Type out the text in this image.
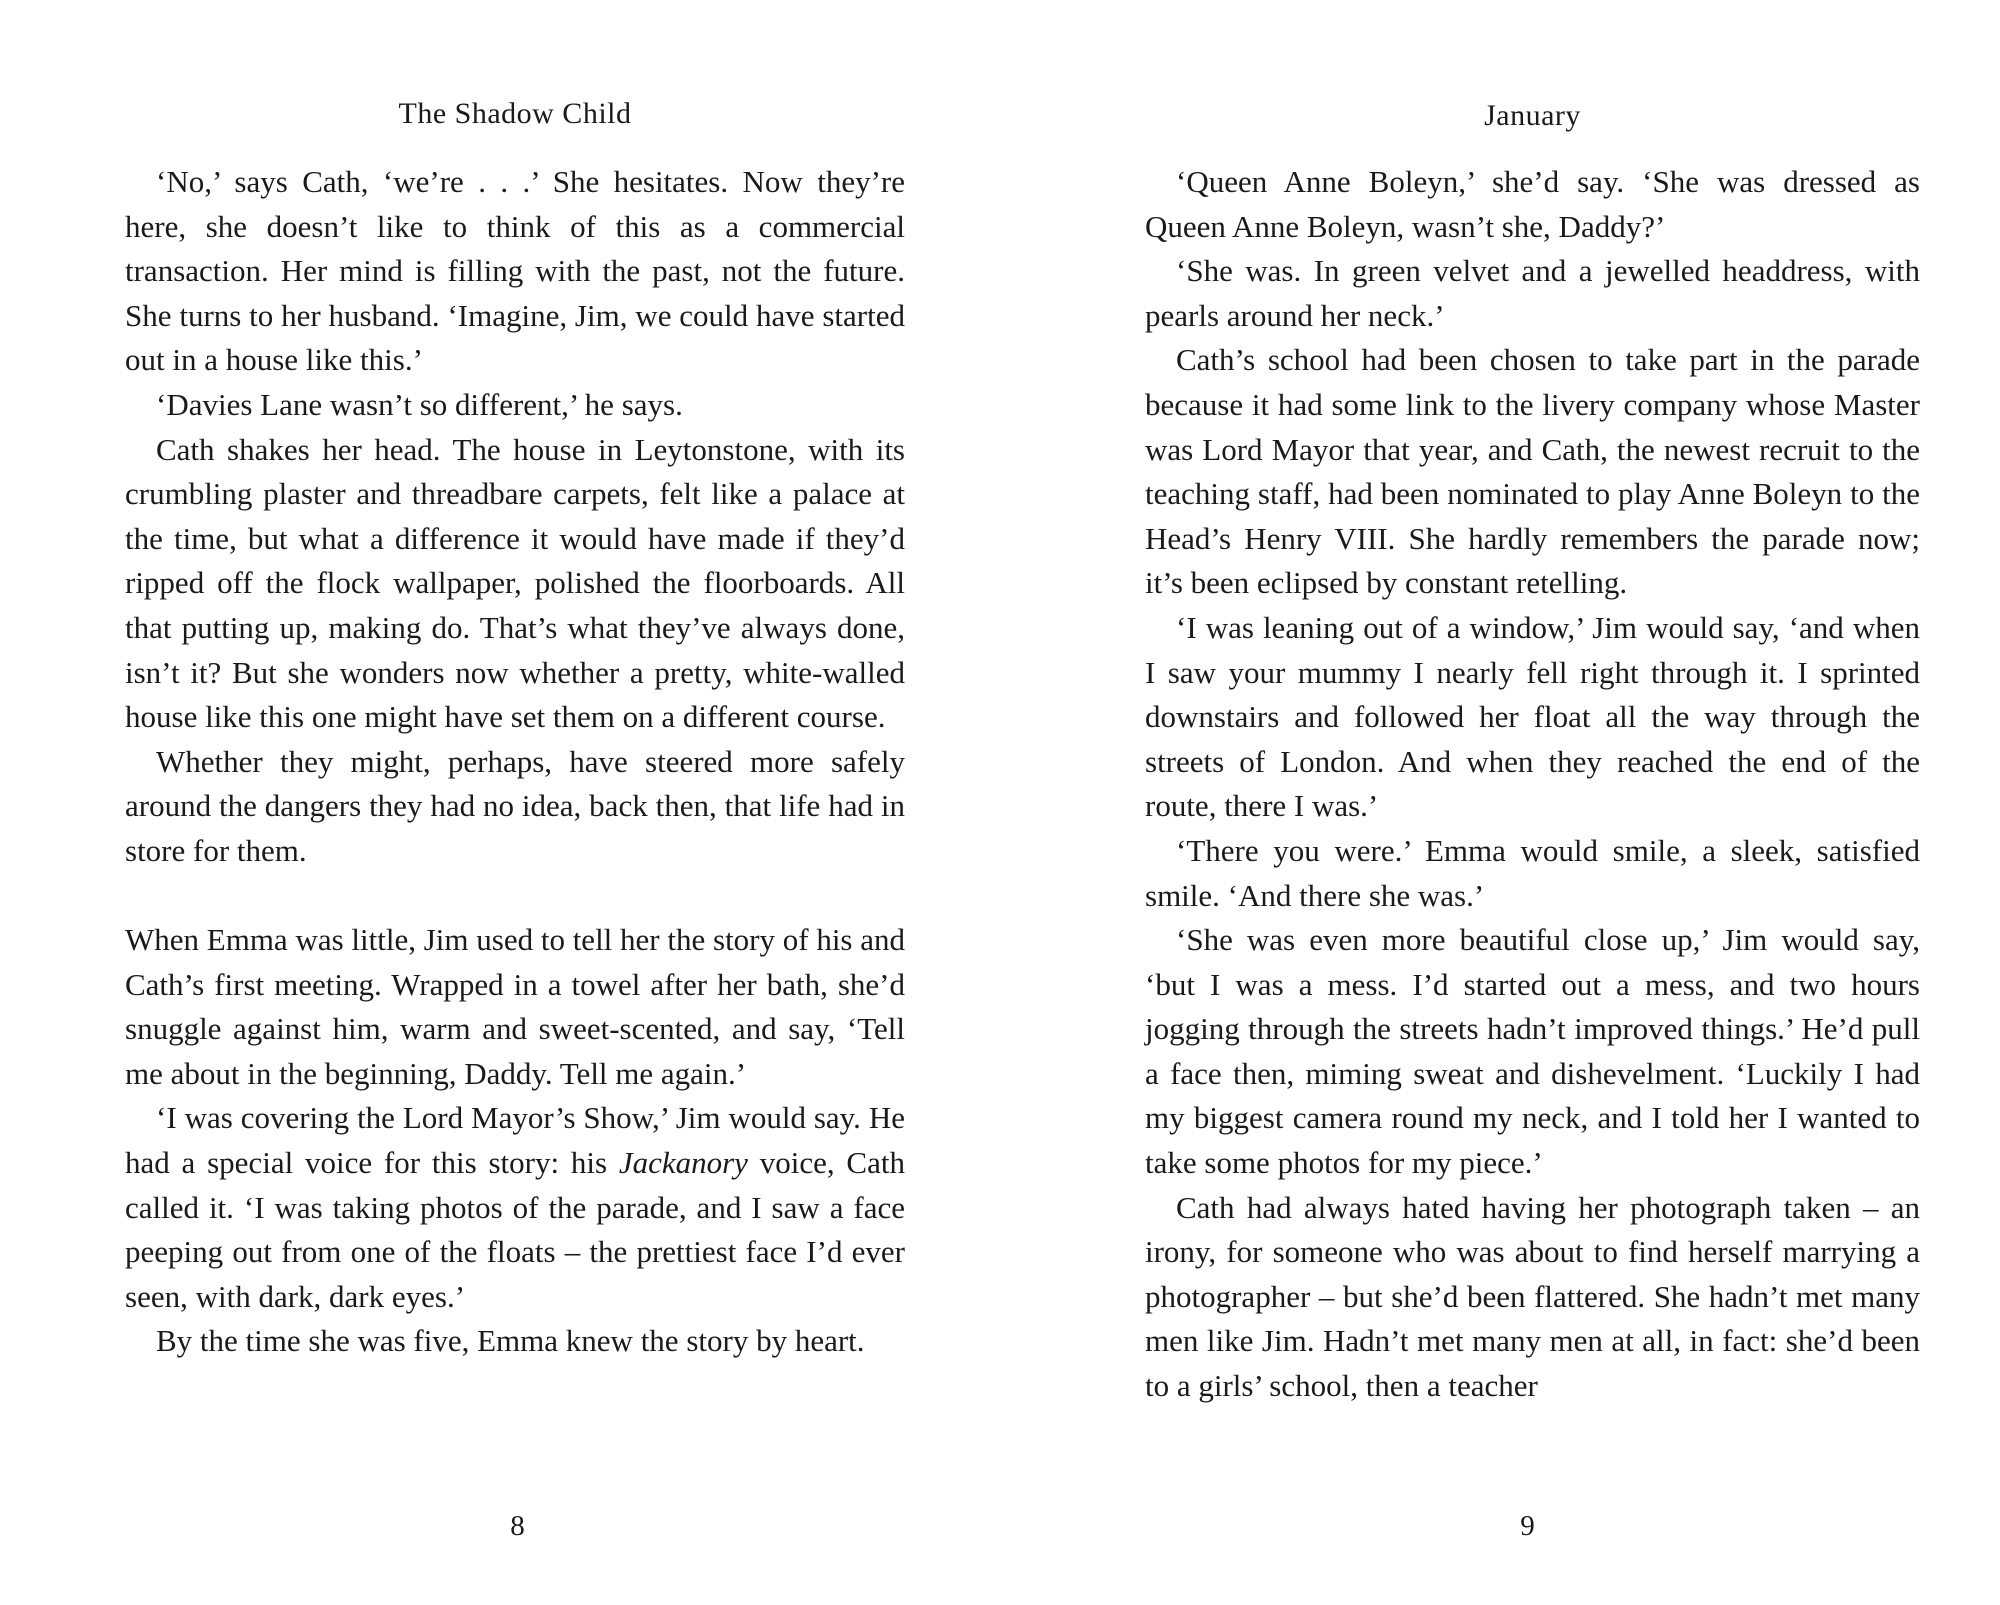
The Shadow Child

‘No,’ says Cath, ‘we’re . . .’ She hesitates. Now they’re here, she doesn’t like to think of this as a commercial transaction. Her mind is filling with the past, not the future. She turns to her husband. ‘Imagine, Jim, we could have started out in a house like this.’

‘Davies Lane wasn’t so different,’ he says.

Cath shakes her head. The house in Leytonstone, with its crumbling plaster and threadbare carpets, felt like a palace at the time, but what a difference it would have made if they’d ripped off the flock wallpaper, polished the floorboards. All that putting up, making do. That’s what they’ve always done, isn’t it? But she wonders now whether a pretty, white-walled house like this one might have set them on a different course.

Whether they might, perhaps, have steered more safely around the dangers they had no idea, back then, that life had in store for them.

When Emma was little, Jim used to tell her the story of his and Cath’s first meeting. Wrapped in a towel after her bath, she’d snuggle against him, warm and sweet-scented, and say, ‘Tell me about in the beginning, Daddy. Tell me again.’

‘I was covering the Lord Mayor’s Show,’ Jim would say. He had a special voice for this story: his Jackanory voice, Cath called it. ‘I was taking photos of the parade, and I saw a face peeping out from one of the floats – the prettiest face I’d ever seen, with dark, dark eyes.’

By the time she was five, Emma knew the story by heart.

8
January

‘Queen Anne Boleyn,’ she’d say. ‘She was dressed as Queen Anne Boleyn, wasn’t she, Daddy?’

‘She was. In green velvet and a jewelled headdress, with pearls around her neck.’

Cath’s school had been chosen to take part in the parade because it had some link to the livery company whose Master was Lord Mayor that year, and Cath, the newest recruit to the teaching staff, had been nominated to play Anne Boleyn to the Head’s Henry VIII. She hardly remembers the parade now; it’s been eclipsed by constant retelling.

‘I was leaning out of a window,’ Jim would say, ‘and when I saw your mummy I nearly fell right through it. I sprinted downstairs and followed her float all the way through the streets of London. And when they reached the end of the route, there I was.’

‘There you were.’ Emma would smile, a sleek, satisfied smile. ‘And there she was.’

‘She was even more beautiful close up,’ Jim would say, ‘but I was a mess. I’d started out a mess, and two hours jogging through the streets hadn’t improved things.’ He’d pull a face then, miming sweat and dishevelment. ‘Luckily I had my biggest camera round my neck, and I told her I wanted to take some photos for my piece.’

Cath had always hated having her photograph taken – an irony, for someone who was about to find herself marrying a photographer – but she’d been flattered. She hadn’t met many men like Jim. Hadn’t met many men at all, in fact: she’d been to a girls’ school, then a teacher

9
